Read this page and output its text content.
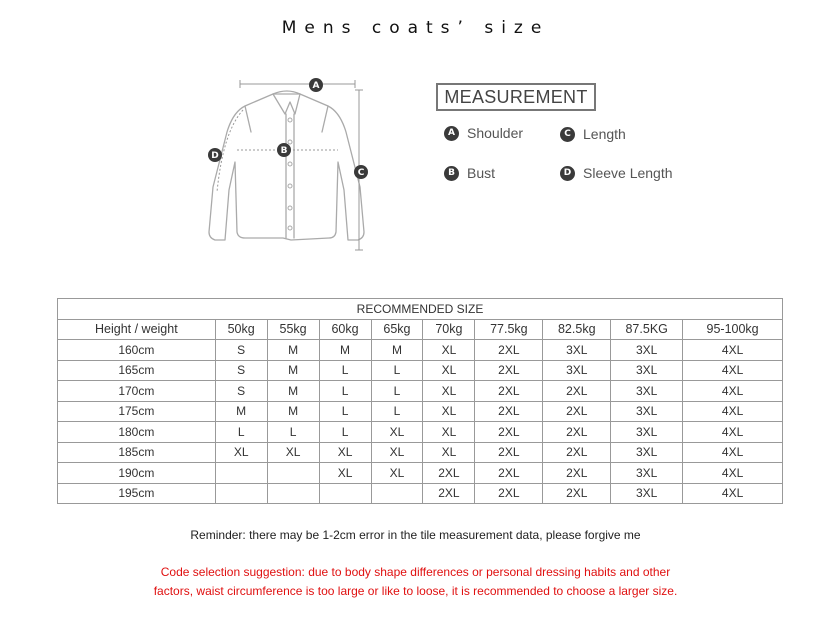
Mens coats’ size
A
B
C
D
MEASUREMENT
A Shoulder	C Length
B Bust	D Sleeve Length
RECOMMENDED SIZE									
Height / weight	50kg	55kg	60kg	65kg	70kg	77.5kg	82.5kg	87.5KG	95-100kg
160cm	S	M	M	M	XL	2XL	3XL	3XL	4XL
165cm	S	M	L	L	XL	2XL	3XL	3XL	4XL
170cm	S	M	L	L	XL	2XL	2XL	3XL	4XL
175cm	M	M	L	L	XL	2XL	2XL	3XL	4XL
180cm	L	L	L	XL	XL	2XL	2XL	3XL	4XL
185cm	XL	XL	XL	XL	XL	2XL	2XL	3XL	4XL
190cm			XL	XL	2XL	2XL	2XL	3XL	4XL
195cm					2XL	2XL	2XL	3XL	4XL
Reminder: there may be 1-2cm error in the tile measurement data, please forgive me
Code selection suggestion: due to body shape differences or personal dressing habits and other
factors, waist circumference is too large or like to loose, it is recommended to choose a larger size.
